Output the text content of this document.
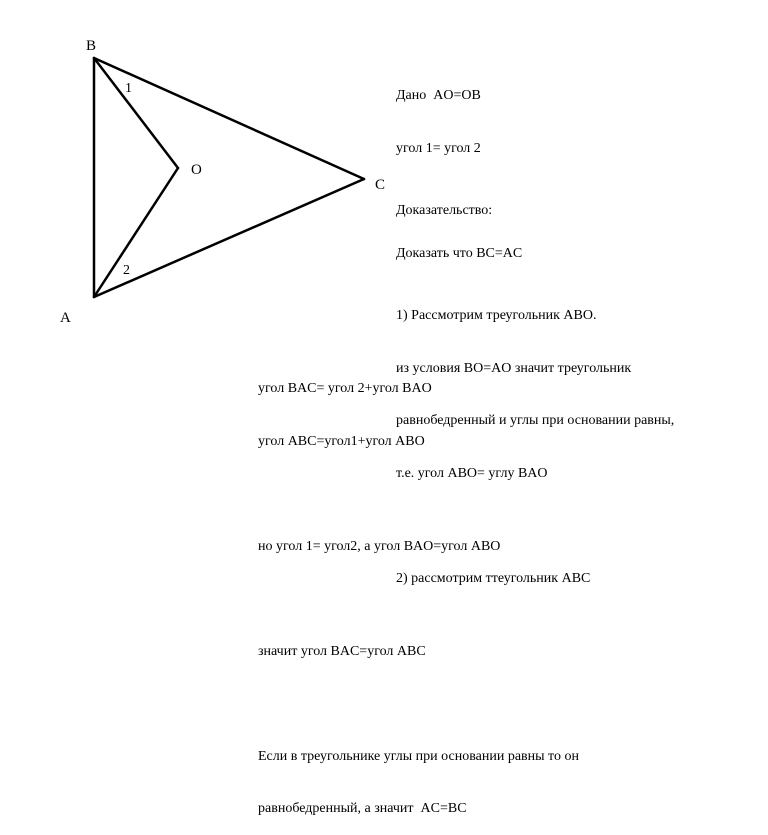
B
A
C
O
1
2

Дано  AO=OB

угол 1= угол 2

Доказать что BC=AC

Доказательство:

1) Рассмотрим треугольник ABO.

из условия BO=AO значит треугольник

равнобедренный и углы при основании равны,

т.е. угол ABO= углу BAO

2) рассмотрим ттеугольник ABC

угол BAC= угол 2+угол BAO

угол ABC=угол1+угол ABO

но угол 1= угол2, а угол BAO=угол ABO

значит угол BAC=угол ABC

Если в треугольнике углы при основании равны то он

равнобедренный, а значит  AC=BC
